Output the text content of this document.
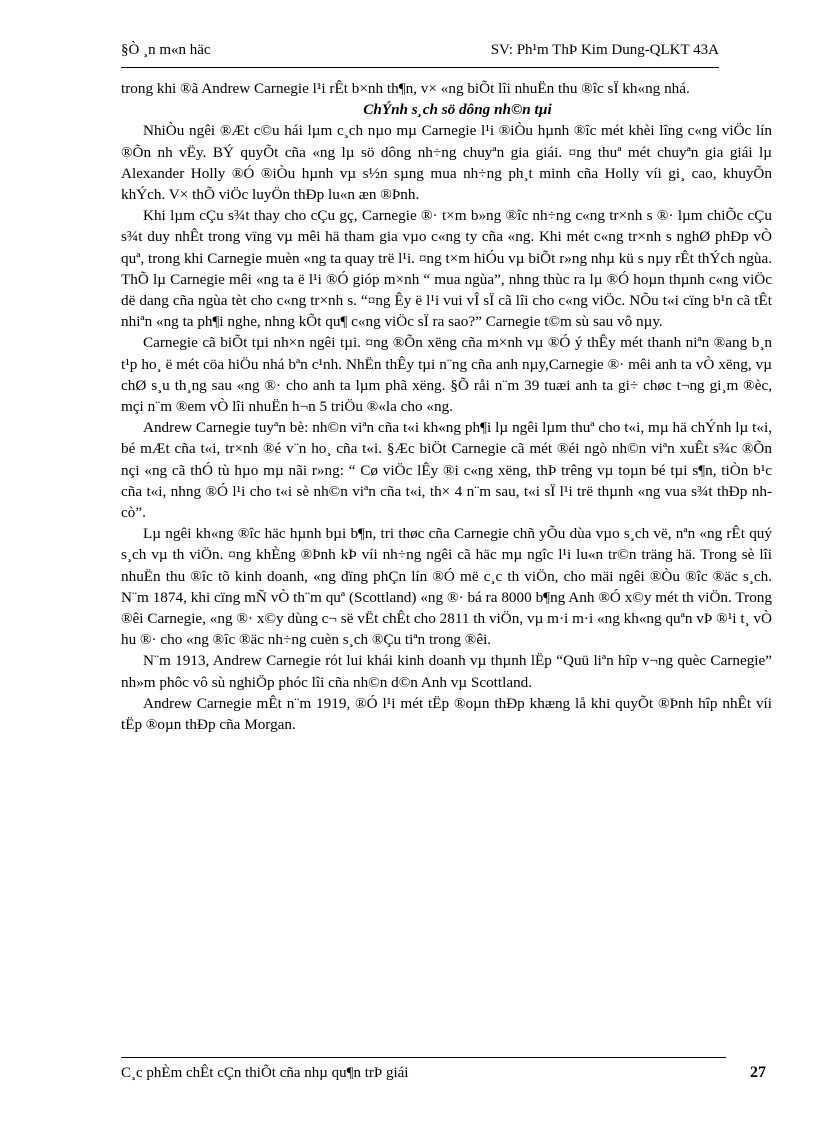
§Ò ¸n m«n häc	SV: Ph¹m ThÞ Kim Dung-QLKT 43A

trong khi ®ã Andrew Carnegie l¹i rÊt b×nh th¶n, v× «ng biÕt lîi nhuËn thu ®îc sÏ kh«ng nhá.

ChÝnh s¸ch sö dông nh©n tµi

NhiÒu ngêi ®Æt c©u hái lµm c¸ch nµo mµ Carnegie l¹i ®iÒu hµnh ®îc mét khèi lîng c«ng viÖc lín ®Õn nh vËy. BÝ quyÕt cña «ng lµ sö dông nh÷ng chuyªn gia giái. ¤ng thuª mét chuyªn gia giái lµ Alexander Holly ®Ó ®iÒu hµnh vµ s½n sµng mua nh÷ng ph¸t minh cña Holly víi gi¸ cao, khuyÕn khÝch. V× thÕ viÖc luyÖn thÐp lu«n æn ®Þnh.

Khi lµm cÇu s¾t thay cho cÇu gç, Carnegie ®· t×m b»ng ®îc nh÷ng c«ng tr×nh s ®· lµm chiÕc cÇu s¾t duy nhÊt trong vïng vµ mêi hä tham gia vµo c«ng ty cña «ng. Khi mét c«ng tr×nh s nghØ phÐp vÒ quª, trong khi Carnegie muèn «ng ta quay trë l¹i. ¤ng t×m hiÓu vµ biÕt r»ng nhµ kü s nµy rÊt thÝch ngùa. ThÕ lµ Carnegie mêi «ng ta ë l¹i ®Ó gióp m×nh “ mua ngùa”, nhng thùc ra lµ ®Ó hoµn thµnh c«ng viÖc dë dang cña ngùa tèt cho c«ng tr×nh s. “¤ng Êy ë l¹i vui vÎ sÏ cã lîi cho c«ng viÖc. NÕu t«i cïng b¹n cã tÊt nhiªn «ng ta ph¶i nghe, nhng kÕt qu¶ c«ng viÖc sÏ ra sao?” Carnegie t©m sù sau vô nµy.

Carnegie cã biÕt tµi nh×n ngêi tµi. ¤ng ®Õn xëng cña m×nh vµ ®Ó ý thÊy mét thanh niªn ®ang b¸n t¹p ho¸ ë mét cöa hiÖu nhá bªn c¹nh. NhËn thÊy tµi n¨ng cña anh nµy,Carnegie ®· mêi anh ta vÒ xëng, vµ chØ s¸u th¸ng sau «ng ®· cho anh ta lµm phã xëng. §Õ råi n¨m 39 tuæi anh ta gi÷ chøc t¬ng gi¸m ®èc, mçi n¨m ®em vÒ lîi nhuËn h¬n 5 triÖu ®«la cho «ng.

Andrew Carnegie tuyªn bè: nh©n viªn cña t«i kh«ng ph¶i lµ ngêi lµm thuª cho t«i, mµ hä chÝnh lµ t«i, bé mÆt cña t«i, tr×nh ®é v¨n ho¸ cña t«i. §Æc biÖt Carnegie cã mét ®éi ngò nh©n viªn xuÊt s¾c ®Õn nçi «ng cã thÓ tù hµo mµ nãi r»ng: “ Cø viÖc lÊy ®i c«ng xëng, thÞ trêng vµ toµn bé tµi s¶n, tiÒn b¹c cña t«i, nhng ®Ó l¹i cho t«i sè nh©n viªn cña t«i, th× 4 n¨m sau, t«i sÏ l¹i trë thµnh «ng vua s¾t thÐp nh cò”.

Lµ ngêi kh«ng ®îc häc hµnh bµi b¶n, tri thøc cña Carnegie chñ yÕu dùa vµo s¸ch vë, nªn «ng rÊt quý s¸ch vµ th viÖn. ¤ng khÈng ®Þnh kÞ víi nh÷ng ngêi cã häc mµ ngîc l¹i lu«n tr©n träng hä. Trong sè lîi nhuËn thu ®îc tõ kinh doanh, «ng dïng phÇn lín ®Ó më c¸c th viÖn, cho mäi ngêi ®Òu ®îc ®äc s¸ch. N¨m 1874, khi cïng mÑ vÒ th¨m quª (Scottland) «ng ®· bá ra 8000 b¶ng Anh ®Ó x©y mét th viÖn. Trong ®êi Carnegie, «ng ®· x©y dùng c¬ së vËt chÊt cho 2811 th viÖn, vµ m·i m·i «ng kh«ng quªn vÞ ®¹i t¸ vÒ hu ®· cho «ng ®îc ®äc nh÷ng cuèn s¸ch ®Çu tiªn trong ®êi.

N¨m 1913, Andrew Carnegie rót lui khái kinh doanh vµ thµnh lËp “Quü liªn hîp v¬ng quèc Carnegie” nh»m phôc vô sù nghiÖp phóc lîi cña nh©n d©n Anh vµ Scottland.

Andrew Carnegie mÊt n¨m 1919, ®Ó l¹i mét tËp ®oµn thÐp khæng lå khi quyÕt ®Þnh hîp nhÊt víi tËp ®oµn thÐp cña Morgan.

C¸c phÈm chÊt cÇn thiÕt cña nhµ qu¶n trÞ giái	27
